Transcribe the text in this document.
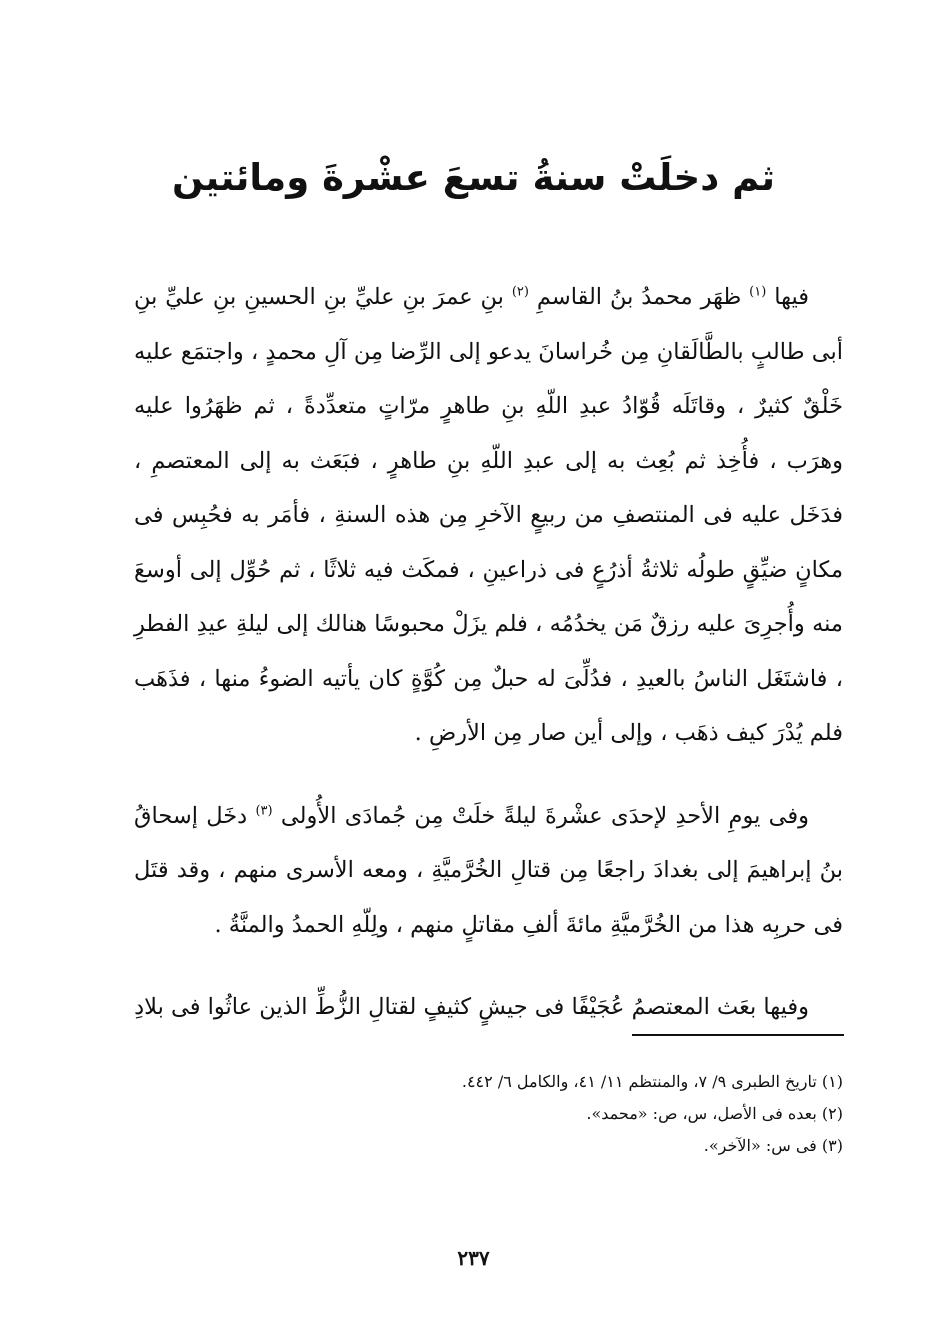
ثم دخلَتْ سنةُ تسعَ عشْرةَ ومائتين

فيها $^{(١)}$ ظهَر محمدُ بنُ القاسمِ $^{(٢)}$ بنِ عمرَ بنِ عليِّ بنِ الحسينِ بنِ عليِّ بنِ أبى طالبٍ بالطَّالَقانِ مِن خُراسانَ يدعو إلى الرِّضا مِن آلِ محمدٍ ، واجتمَع عليه خَلْقٌ كثيرٌ ، وقاتَلَه قُوّادُ عبدِ اللّهِ بنِ طاهرٍ مرّاتٍ متعدِّدةً ، ثم ظهَرُوا عليه وهرَب ، فأُخِذ ثم بُعِث به إلى عبدِ اللّهِ بنِ طاهرٍ ، فبَعَث به إلى المعتصمِ ، فدَخَل عليه فى المنتصفِ من ربيعٍ الآخرِ مِن هذه السنةِ ، فأمَر به فحُبِس فى مكانٍ ضيِّقٍ طولُه ثلاثةُ أذرُعٍ فى ذراعينِ ، فمكَث فيه ثلاثًا ، ثم حُوِّل إلى أوسعَ منه وأُجرِىَ عليه رزقٌ مَن يخدُمُه ، فلم يزَلْ محبوسًا هنالك إلى ليلةِ عيدِ الفطرِ ، فاشتَغَل الناسُ بالعيدِ ، فدُلِّىَ له حبلٌ مِن كُوَّةٍ كان يأتيه الضوءُ منها ، فذَهَب فلم يُدْرَ كيف ذهَب ، وإلى أين صار مِن الأرضِ .

وفى يومِ الأحدِ لإحدَى عشْرةَ ليلةً خلَتْ مِن جُمادَى الأُولى $^{(٣)}$ دخَل إسحاقُ بنُ إبراهيمَ إلى بغدادَ راجعًا مِن قتالِ الخُرَّميَّةِ ، ومعه الأسرى منهم ، وقد قتَل فى حربِه هذا من الخُرَّميَّةِ مائةَ ألفِ مقاتلٍ منهم ، ولِلّهِ الحمدُ والمنَّةُ .

وفيها بعَث المعتصمُ عُجَيْفًا فى جيشٍ كثيفٍ لقتالِ الزُّطِّ الذين عاثُوا فى بلادِ

(١) تاريخ الطبرى ٩/ ٧، والمنتظم ١١/ ٤١، والكامل ٦/ ٤٤٢.

(٢) بعده فى الأصل، س، ص: «محمد».

(٣) فى س: «الآخر».

٢٣٧
